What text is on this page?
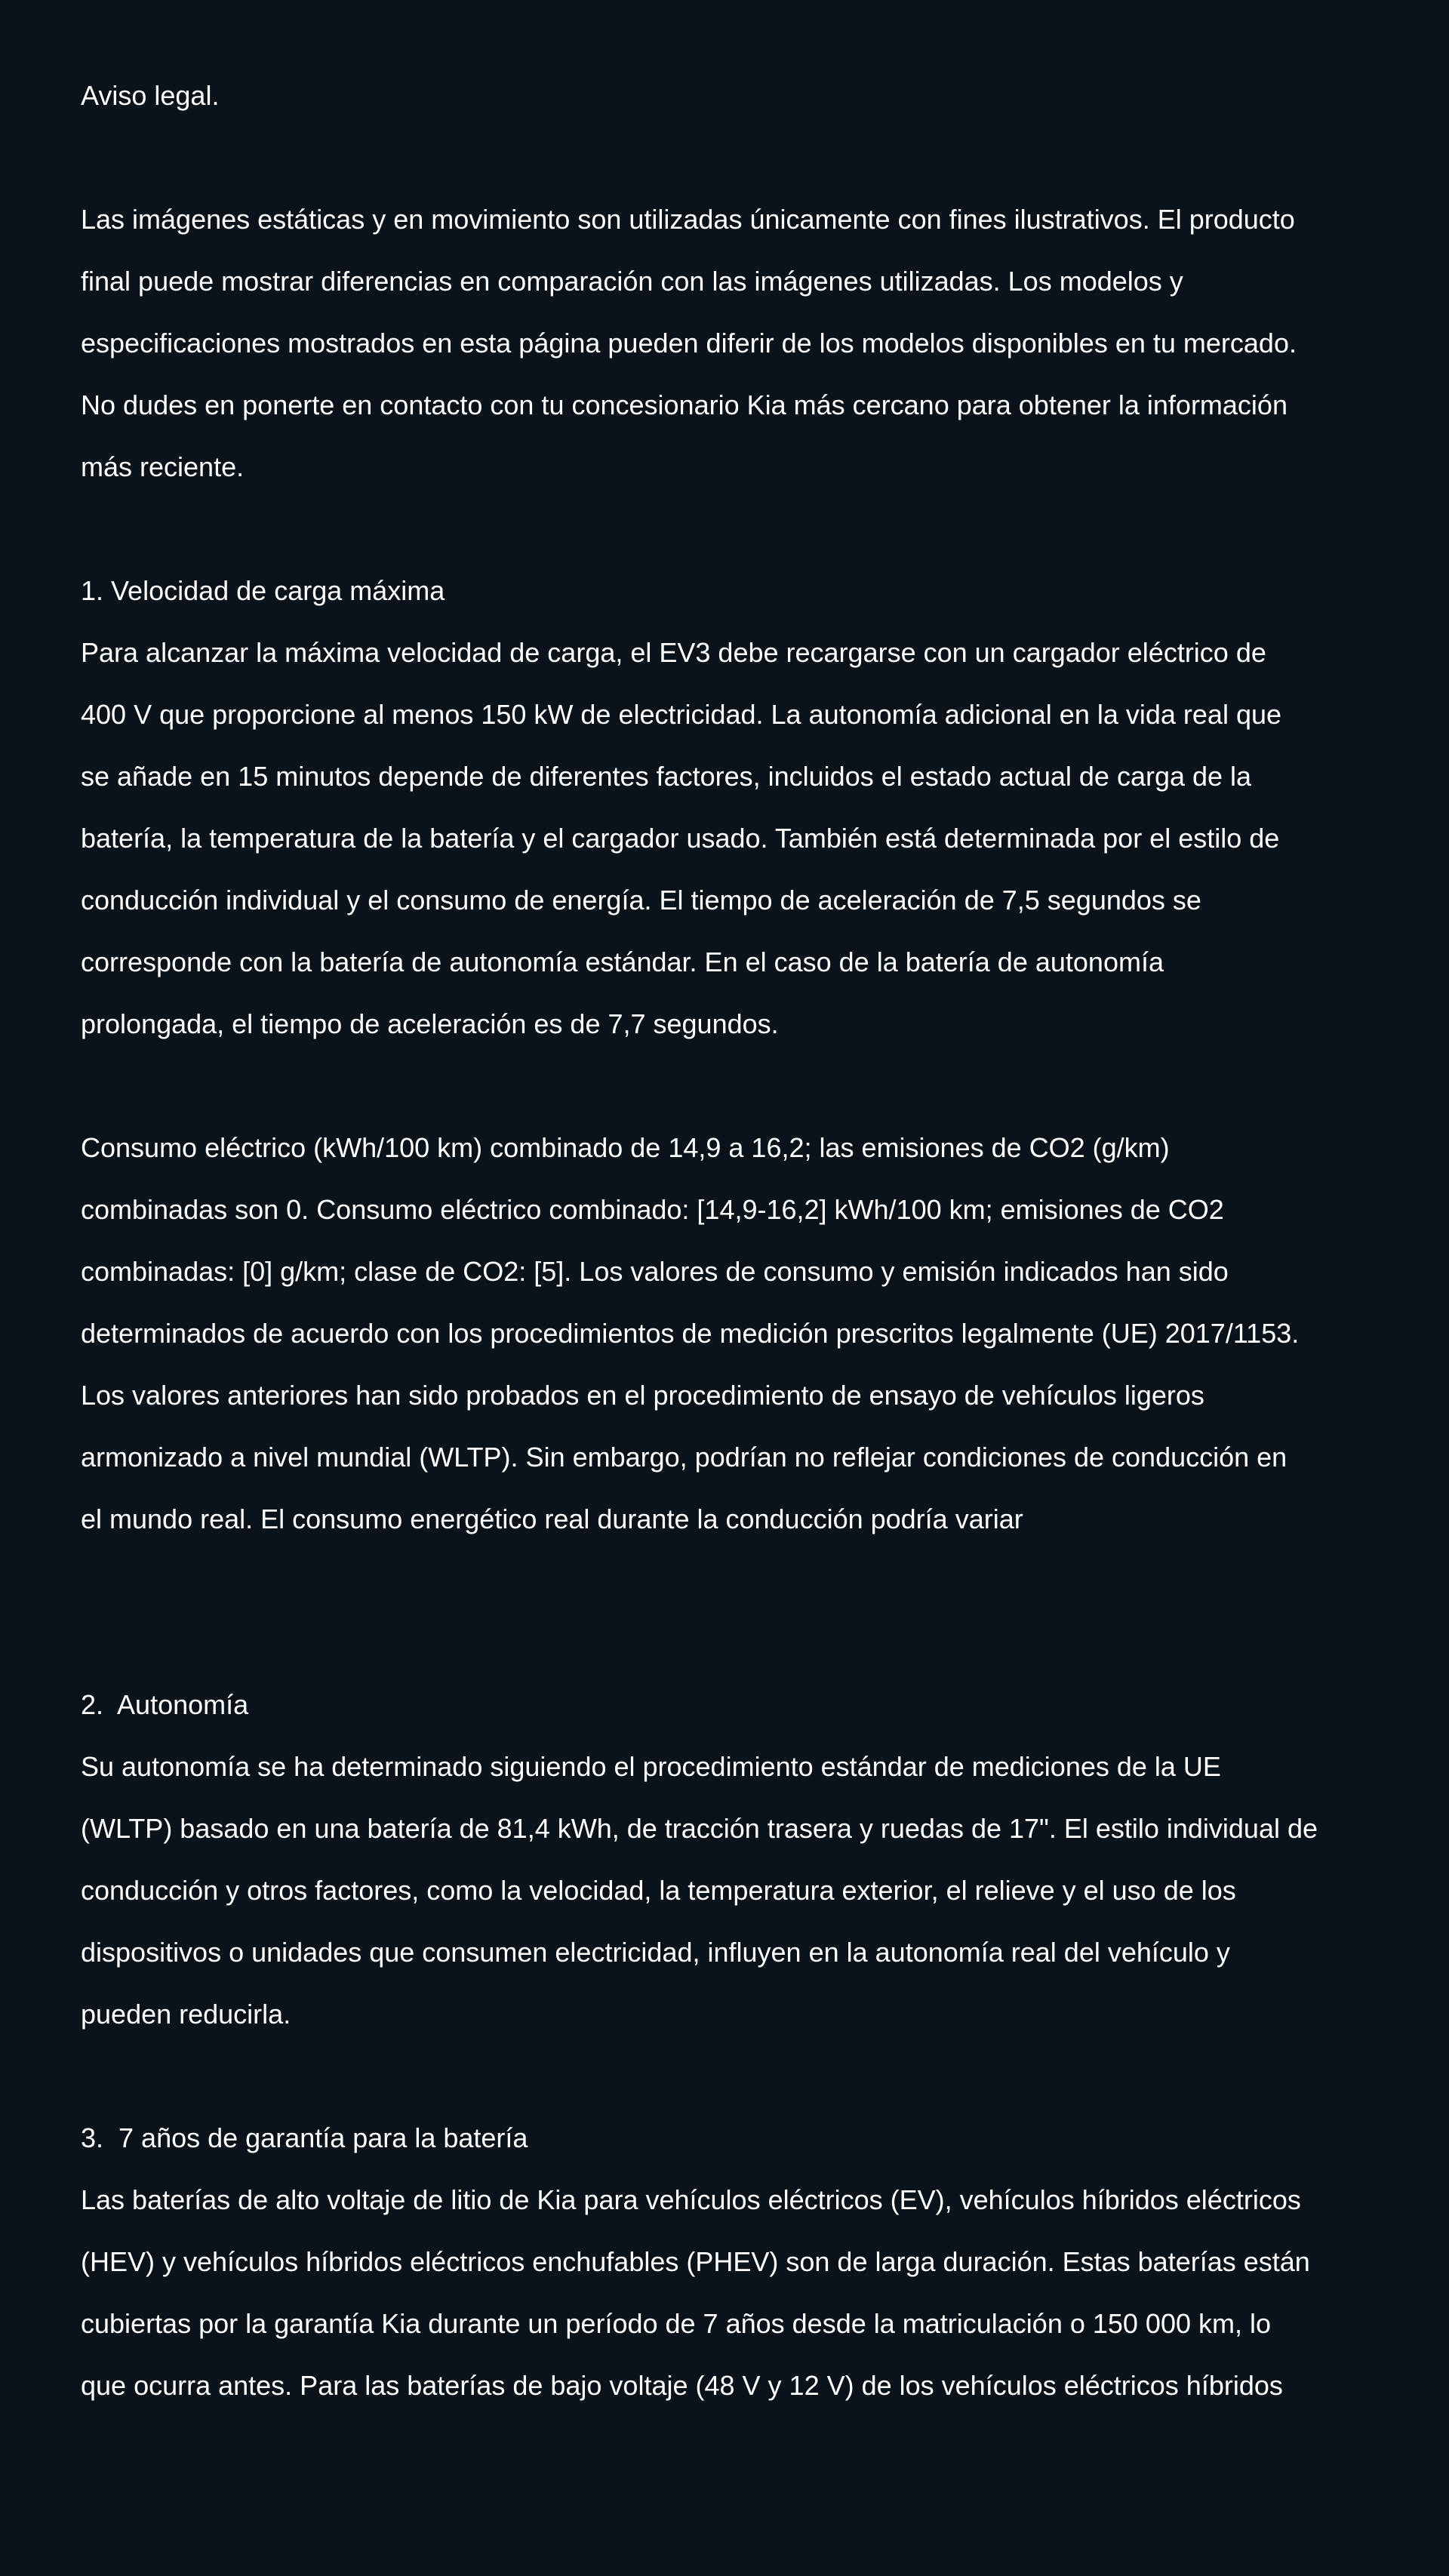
Aviso legal.

Las imágenes estáticas y en movimiento son utilizadas únicamente con fines ilustrativos. El producto

final puede mostrar diferencias en comparación con las imágenes utilizadas. Los modelos y

especificaciones mostrados en esta página pueden diferir de los modelos disponibles en tu mercado.

No dudes en ponerte en contacto con tu concesionario Kia más cercano para obtener la información

más reciente.

1. Velocidad de carga máxima

Para alcanzar la máxima velocidad de carga, el EV3 debe recargarse con un cargador eléctrico de

400 V que proporcione al menos 150 kW de electricidad. La autonomía adicional en la vida real que

se añade en 15 minutos depende de diferentes factores, incluidos el estado actual de carga de la

batería, la temperatura de la batería y el cargador usado. También está determinada por el estilo de

conducción individual y el consumo de energía. El tiempo de aceleración de 7,5 segundos se

corresponde con la batería de autonomía estándar. En el caso de la batería de autonomía

prolongada, el tiempo de aceleración es de 7,7 segundos.

Consumo eléctrico (kWh/100 km) combinado de 14,9 a 16,2; las emisiones de CO2 (g/km)

combinadas son 0. Consumo eléctrico combinado: [14,9-16,2] kWh/100 km; emisiones de CO2

combinadas: [0] g/km; clase de CO2: [5]. Los valores de consumo y emisión indicados han sido

determinados de acuerdo con los procedimientos de medición prescritos legalmente (UE) 2017/1153.

Los valores anteriores han sido probados en el procedimiento de ensayo de vehículos ligeros

armonizado a nivel mundial (WLTP). Sin embargo, podrían no reflejar condiciones de conducción en

el mundo real. El consumo energético real durante la conducción podría variar

2.  Autonomía

Su autonomía se ha determinado siguiendo el procedimiento estándar de mediciones de la UE

(WLTP) basado en una batería de 81,4 kWh, de tracción trasera y ruedas de 17". El estilo individual de

conducción y otros factores, como la velocidad, la temperatura exterior, el relieve y el uso de los

dispositivos o unidades que consumen electricidad, influyen en la autonomía real del vehículo y

pueden reducirla.

3.  7 años de garantía para la batería

Las baterías de alto voltaje de litio de Kia para vehículos eléctricos (EV), vehículos híbridos eléctricos

(HEV) y vehículos híbridos eléctricos enchufables (PHEV) son de larga duración. Estas baterías están

cubiertas por la garantía Kia durante un período de 7 años desde la matriculación o 150 000 km, lo

que ocurra antes. Para las baterías de bajo voltaje (48 V y 12 V) de los vehículos eléctricos híbridos
